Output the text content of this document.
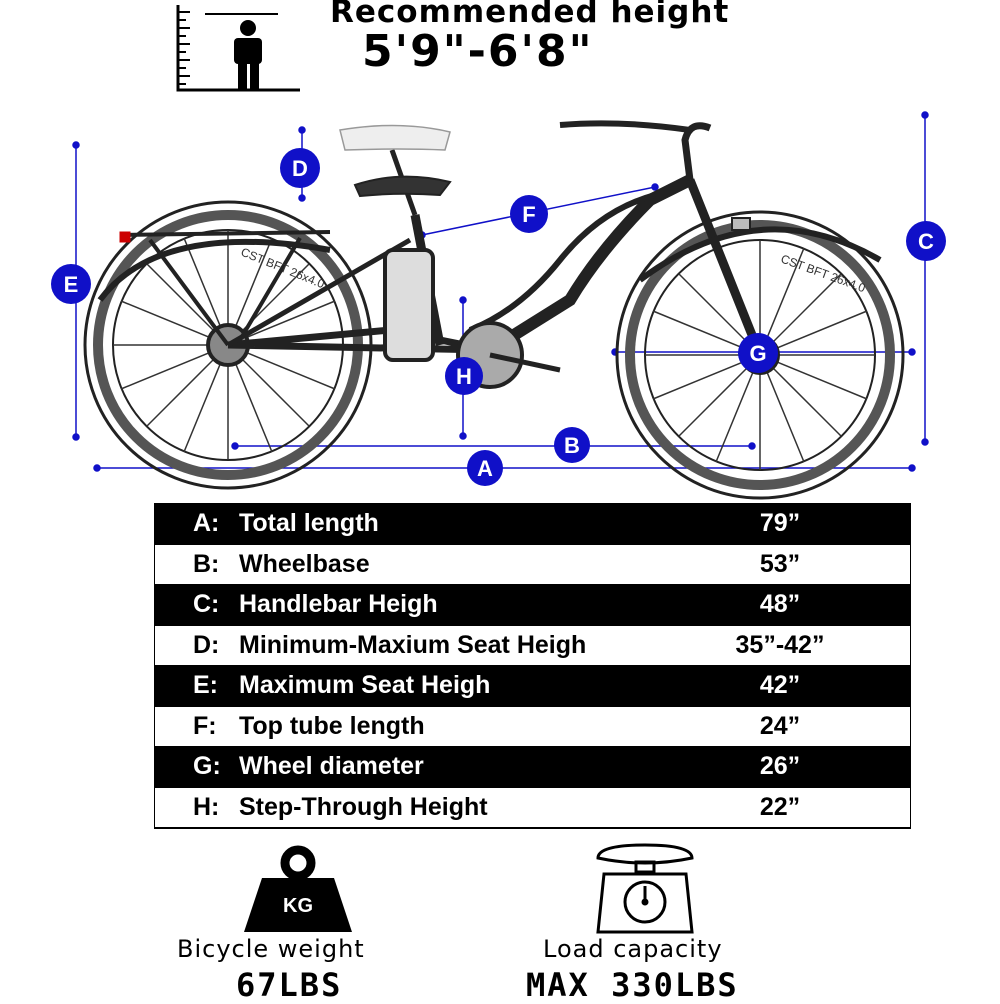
CST BFT 26x4.0	CST BFT 26x4.0
A
B
C
D
E
F
G
H
Recommended height
5'9"-6'8"
A: Total length	79”
B: Wheelbase	53”
C: Handlebar Heigh	48”
D: Minimum-Maxium Seat Heigh	35”-42”
E: Maximum Seat Heigh	42”
F: Top tube length	24”
G: Wheel diameter	26”
H: Step-Through Height	22”
KG
Bicycle weight
67LBS
Load capacity
MAX 330LBS
